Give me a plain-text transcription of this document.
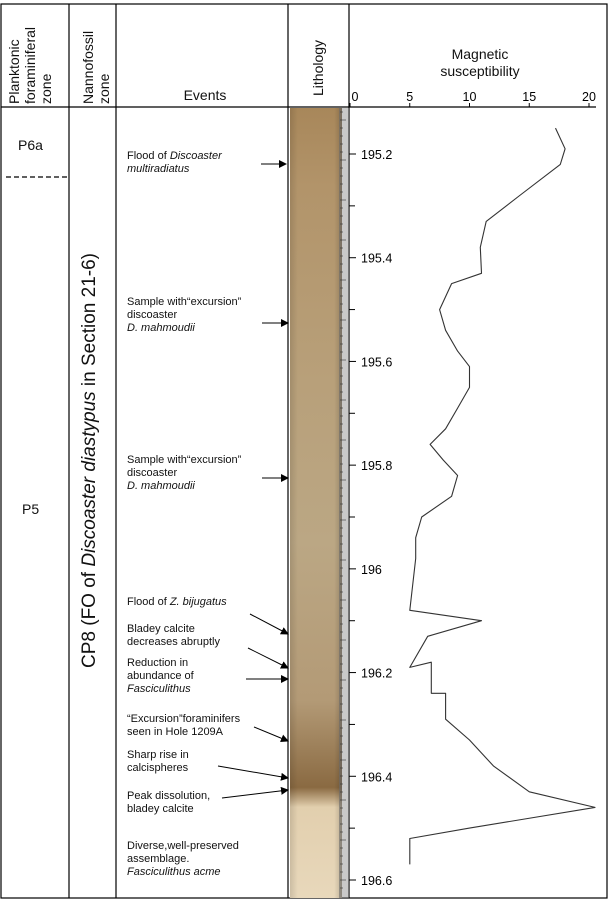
Planktonic foraminiferal zone Nannofossil zone	Events	Lithology	Magnetic
susceptibility
P6a
P5
CP8 (FO of Discoaster diastypus in Section 21-6)
Flood of Discoaster
multiradiatus
Sample with“excursion”
discoaster
D. mahmoudii
Sample with“excursion”
discoaster
D. mahmoudii
Flood of Z. bijugatus
Bladey calcite
decreases abruptly
Reduction in
abundance of
Fasciculithus
“Excursion”foraminifers
seen in Hole 1209A
Sharp rise in
calcispheres
Peak dissolution,
bladey calcite
Diverse,well-preserved
assemblage.
Fasciculithus acme
0	5	10	15	20
195.2
195.4
195.6
195.8
196
196.2
196.4
196.6
